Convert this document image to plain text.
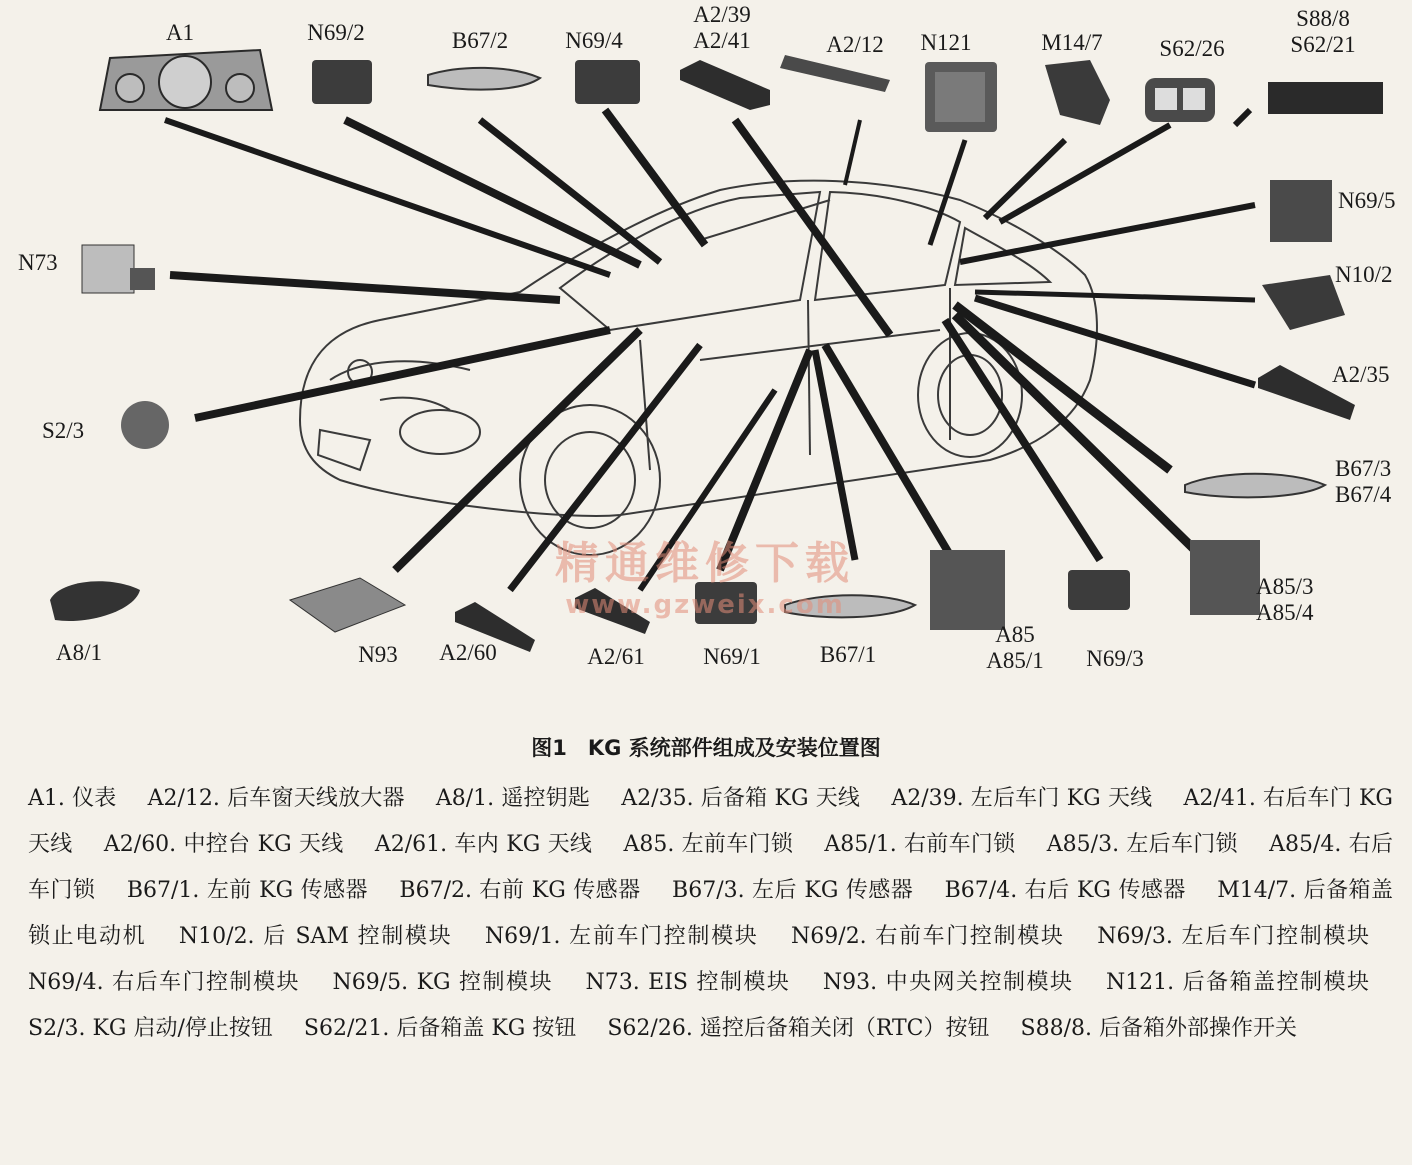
A1	N69/2	B67/2 N69/4
A2/39
A2/41	A2/12 N121	M14/7 S62/26
S88/8
S62/21
N73
N69/5
N10/2
S2/3
A2/35
B67/3
B67/4
A85/3
A85/4
A8/1	N93 A2/60	A2/61	N69/1	B67/1
A85
A85/1 N69/3
精通维修下载
www.gzweix.com
图1　KG 系统部件组成及安装位置图
A1. 仪表 A2/12. 后车窗天线放大器 A8/1. 遥控钥匙 A2/35. 后备箱 KG 天线 A2/39. 左后车门 KG 天线 A2/41. 右后车门 KG 天线 A2/60. 中控台 KG 天线 A2/61. 车内 KG 天线 A85. 左前车门锁 A85/1. 右前车门锁 A85/3. 左后车门锁 A85/4. 右后车门锁 B67/1. 左前 KG 传感器 B67/2. 右前 KG 传感器 B67/3. 左后 KG 传感器 B67/4. 右后 KG 传感器 M14/7. 后备箱盖锁止电动机 N10/2. 后 SAM 控制模块 N69/1. 左前车门控制模块 N69/2. 右前车门控制模块 N69/3. 左后车门控制模块 N69/4. 右后车门控制模块 N69/5. KG 控制模块 N73. EIS 控制模块 N93. 中央网关控制模块 N121. 后备箱盖控制模块 S2/3. KG 启动/停止按钮 S62/21. 后备箱盖 KG 按钮 S62/26. 遥控后备箱关闭（RTC）按钮 S88/8. 后备箱外部操作开关
